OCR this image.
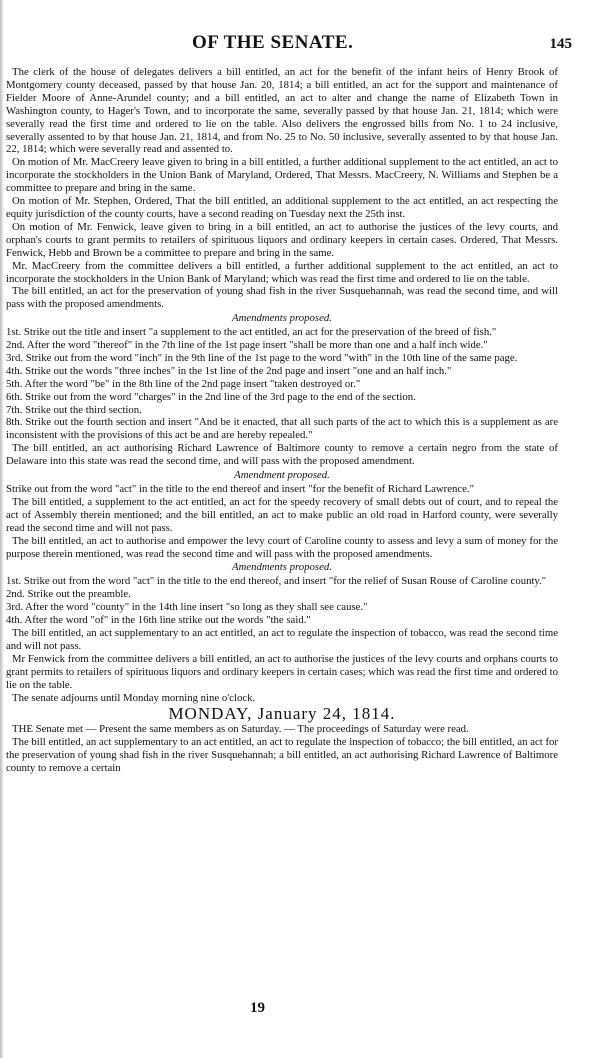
OF THE SENATE.	145

The clerk of the house of delegates delivers a bill entitled, an act for the benefit of the infant heirs of Henry Brook of Montgomery county deceased, passed by that house Jan. 20, 1814; a bill entitled, an act for the support and maintenance of Fielder Moore of Anne-Arundel county; and a bill entitled, an act to alter and change the name of Elizabeth Town in Washington county, to Hager's Town, and to incorporate the same, severally passed by that house Jan. 21, 1814; which were severally read the first time and ordered to lie on the table. Also delivers the engrossed bills from No. 1 to 24 inclusive, severally assented to by that house Jan. 21, 1814, and from No. 25 to No. 50 inclusive, severally assented to by that house Jan. 22, 1814; which were severally read and assented to.

On motion of Mr. MacCreery leave given to bring in a bill entitled, a further additional supplement to the act entitled, an act to incorporate the stockholders in the Union Bank of Maryland, Ordered, That Messrs. MacCreery, N. Williams and Stephen be a committee to prepare and bring in the same.

On motion of Mr. Stephen, Ordered, That the bill entitled, an additional supplement to the act entitled, an act respecting the equity jurisdiction of the county courts, have a second reading on Tuesday next the 25th inst.

On motion of Mr. Fenwick, leave given to bring in a bill entitled, an act to authorise the justices of the levy courts, and orphan's courts to grant permits to retailers of spirituous liquors and ordinary keepers in certain cases. Ordered, That Messrs. Fenwick, Hebb and Brown be a committee to prepare and bring in the same.

Mr. MacCreery from the committee delivers a bill entitled, a further additional supplement to the act entitled, an act to incorporate the stockholders in the Union Bank of Maryland; which was read the first time and ordered to lie on the table.

The bill entitled, an act for the preservation of young shad fish in the river Susquehannah, was read the second time, and will pass with the proposed amendments.

Amendments proposed.

1st. Strike out the title and insert "a supplement to the act entitled, an act for the preservation of the breed of fish."

2nd. After the word "thereof" in the 7th line of the 1st page insert "shall be more than one and a half inch wide."

3rd. Strike out from the word "inch" in the 9th line of the 1st page to the word "with" in the 10th line of the same page.

4th. Strike out the words "three inches" in the 1st line of the 2nd page and insert "one and an half inch."

5th. After the word "be" in the 8th line of the 2nd page insert "taken destroyed or."

6th. Strike out from the word "charges" in the 2nd line of the 3rd page to the end of the section.

7th. Strike out the third section.

8th. Strike out the fourth section and insert "And be it enacted, that all such parts of the act to which this is a supplement as are inconsistent with the provisions of this act be and are hereby repealed."

The bill entitled, an act authorising Richard Lawrence of Baltimore county to remove a certain negro from the state of Delaware into this state was read the second time, and will pass with the proposed amendment.

Amendment proposed.

Strike out from the word "act" in the title to the end thereof and insert "for the benefit of Richard Lawrence."

The bill entitled, a supplement to the act entitled, an act for the speedy recovery of small debts out of court, and to repeal the act of Assembly therein mentioned; and the bill entitled, an act to make public an old road in Harford county, were severally read the second time and will not pass.

The bill entitled, an act to authorise and empower the levy court of Caroline county to assess and levy a sum of money for the purpose therein mentioned, was read the second time and will pass with the proposed amendments.

Amendments proposed.

1st. Strike out from the word "act" in the title to the end thereof, and insert "for the relief of Susan Rouse of Caroline county."

2nd. Strike out the preamble.

3rd. After the word "county" in the 14th line insert "so long as they shall see cause."

4th. After the word "of" in the 16th line strike out the words "the said."

The bill entitled, an act supplementary to an act entitled, an act to regulate the inspection of tobacco, was read the second time and will not pass.

Mr Fenwick from the committee delivers a bill entitled, an act to authorise the justices of the levy courts and orphans courts to grant permits to retailers of spirituous liquors and ordinary keepers in certain cases; which was read the first time and ordered to lie on the table.

The senate adjourns until Monday morning nine o'clock.

MONDAY, January 24, 1814.

THE Senate met — Present the same members as on Saturday. — The proceedings of Saturday were read.

The bill entitled, an act supplementary to an act entitled, an act to regulate the inspection of tobacco; the bill entitled, an act for the preservation of young shad fish in the river Susquehannah; a bill entitled, an act authorising Richard Lawrence of Baltimore county to remove a certain

19
